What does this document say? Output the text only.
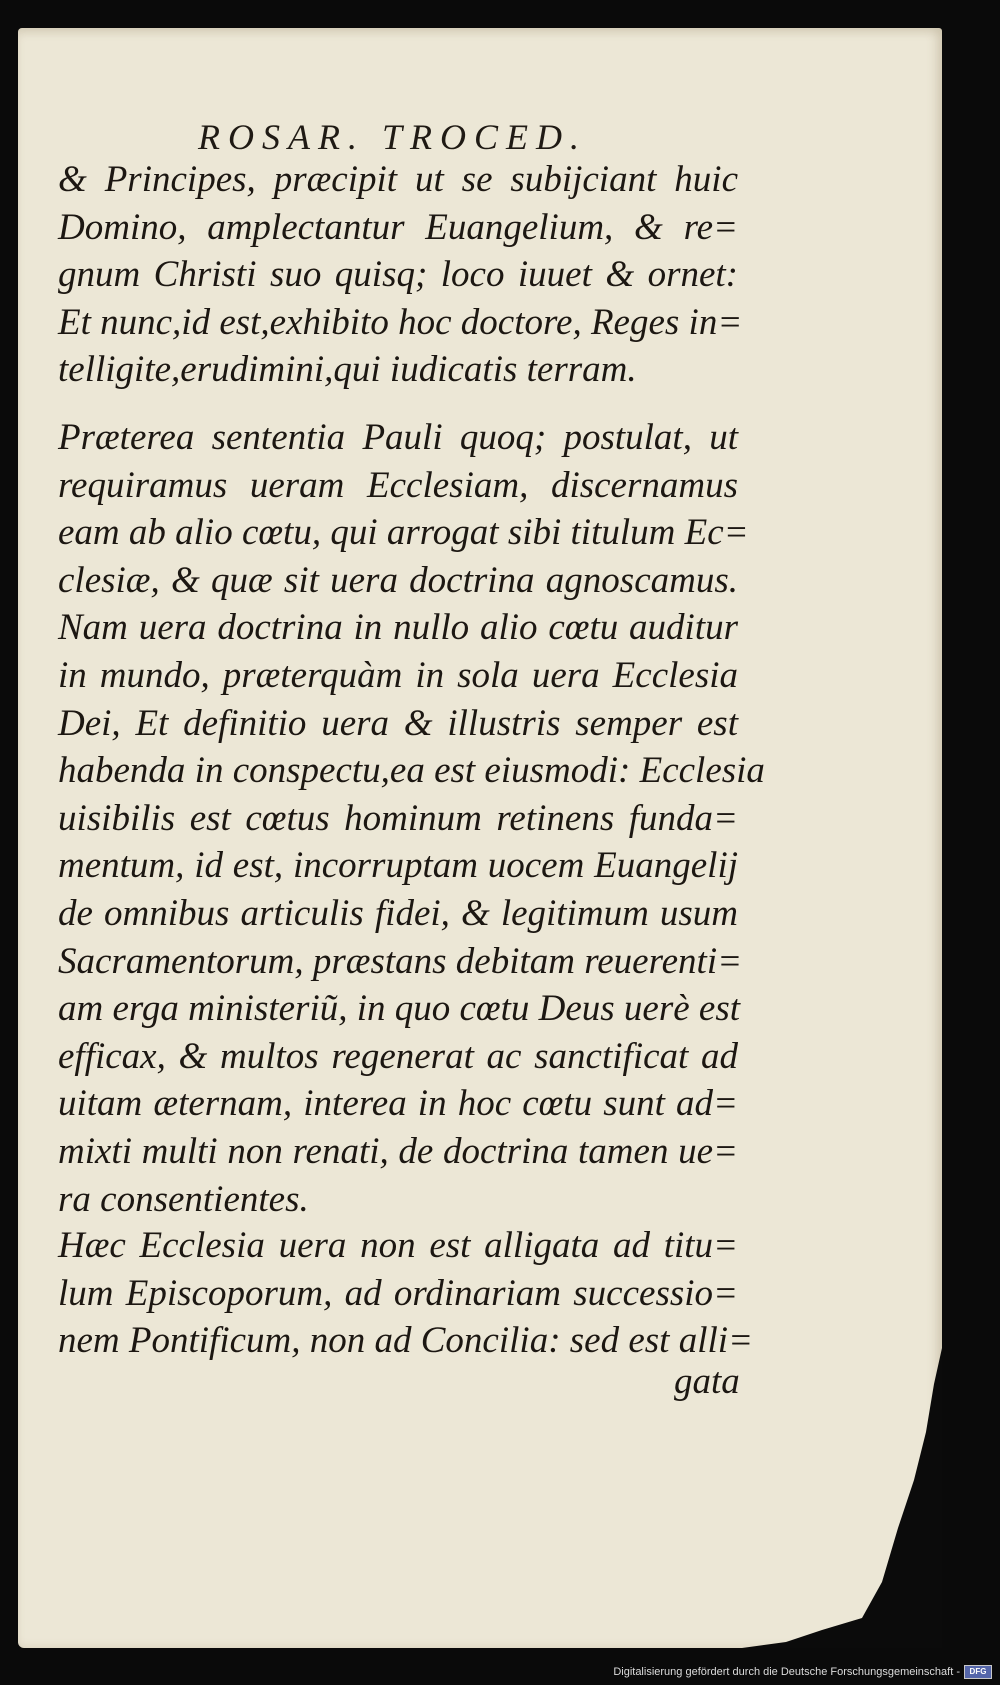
ROSAR. TROCED.
& Principes, præcipit ut se subijciant huic
Domino, amplectantur Euangelium, & re=
gnum Christi suo quisq; loco iuuet & ornet:
Et nunc,id est,exhibito hoc doctore, Reges in=
telligite,erudimini,qui iudicatis terram.
Præterea sententia Pauli quoq; postulat, ut
requiramus ueram Ecclesiam, discernamus
eam ab alio cœtu, qui arrogat sibi titulum Ec=
clesiæ, & quæ sit uera doctrina agnoscamus.
Nam uera doctrina in nullo alio cœtu auditur
in mundo, præterquàm in sola uera Ecclesia
Dei, Et definitio uera & illustris semper est
habenda in conspectu,ea est eiusmodi: Ecclesia
uisibilis est cœtus hominum retinens funda=
mentum, id est, incorruptam uocem Euangelij
de omnibus articulis fidei, & legitimum usum
Sacramentorum, præstans debitam reuerenti=
am erga ministeriũ, in quo cœtu Deus uerè est
efficax, & multos regenerat ac sanctificat ad
uitam æternam, interea in hoc cœtu sunt ad=
mixti multi non renati, de doctrina tamen ue=
ra consentientes.
Hæc Ecclesia uera non est alligata ad titu=
lum Episcoporum, ad ordinariam successio=
nem Pontificum, non ad Concilia: sed est alli=
gata
Digitalisierung gefördert durch die Deutsche Forschungsgemeinschaft -	DFG
